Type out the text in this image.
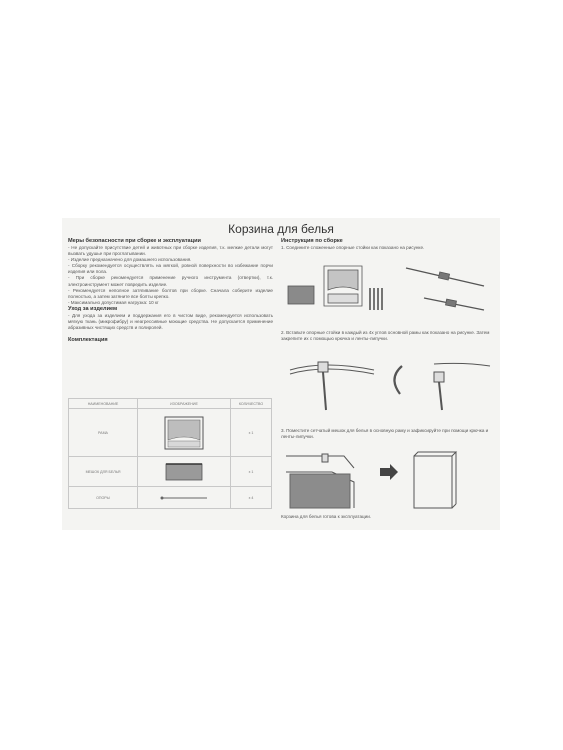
Корзина для белья
Меры безопасности при сборке и эксплуатации
- Не допускайте присутствие детей и животных при сборке изделия, т.к. мелкие детали могут вызвать удушье при проглатывании.
- Изделие предназначено для домашнего использования.
- Сборку рекомендуется осуществлять на мягкой, ровной поверхности во избежание порчи изделия или пола.
- При сборке рекомендуется применение ручного инструмента (отвертки), т.к. электроинструмент может повредить изделие.
- Рекомендуется неполное затягивание болтов при сборке. Сначала соберите изделие полностью, а затем затяните все болты крепко.
- Максимально допустимая нагрузка: 10 кг
Уход за изделием
- Для ухода за изделием и поддержания его в чистом виде, рекомендуется использовать мягкую ткань (микрофибру) и неагрессивные моющие средства. Не допускается применение абразивных чистящих средств и полиролей.
Комплектация
НАИМЕНОВАНИЕ	ИЗОБРАЖЕНИЕ	КОЛИЧЕСТВО
РАМА		x 1
МЕШОК ДЛЯ БЕЛЬЯ		x 1
ОПОРЫ		x 4
Инструкция по сборке
1. Соедините сложенные опорные стойки как показано на рисунке.
2. Вставьте опорные стойки в каждый из 4х углов основной рамы как показано на рисунке. Затем закрепите их с помощью крючка и ленты-липучки.
3. Поместите сетчатый мешок для белья в основную раму и зафиксируйте при помощи крючка и ленты-липучки.
Корзина для белья готова к эксплуатации.
